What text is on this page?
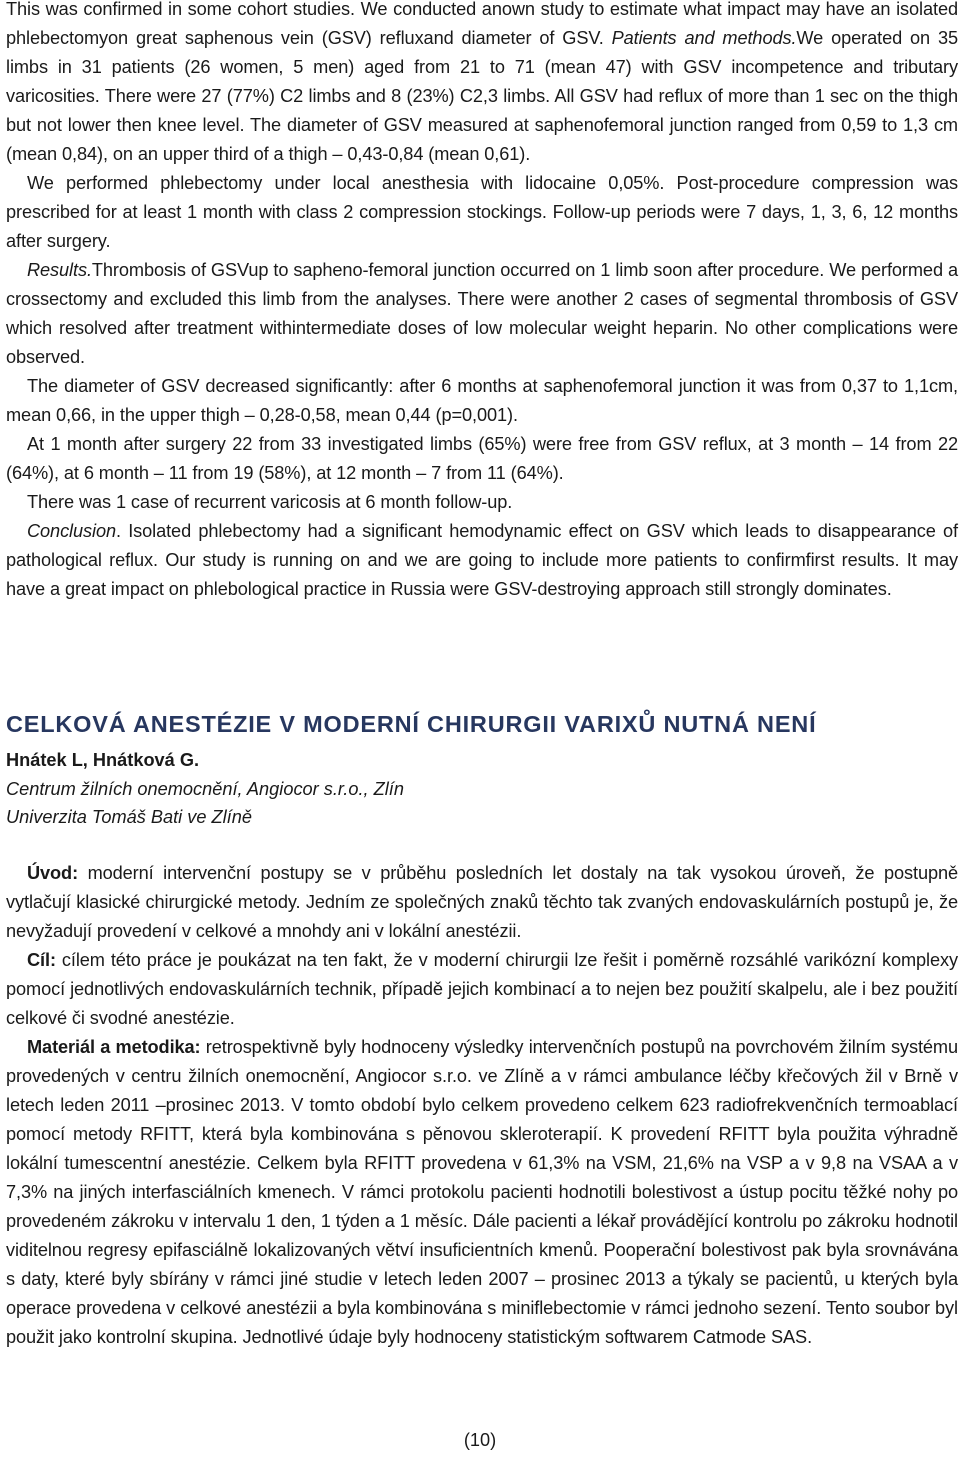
This was confirmed in some cohort studies. We conducted anown study to estimate what impact may have an isolated phlebectomyon great saphenous vein (GSV) refluxand diameter of GSV. Patients and methods.We operated on 35 limbs in 31 patients (26 women, 5 men) aged from 21 to 71 (mean 47) with GSV incompetence and tributary varicosities. There were 27 (77%) C2 limbs and 8 (23%) C2,3 limbs. All GSV had reflux of more than 1 sec on the thigh but not lower then knee level. The diameter of GSV measured at saphenofemoral junction ranged from 0,59 to 1,3 cm (mean 0,84), on an upper third of a thigh – 0,43-0,84 (mean 0,61).

We performed phlebectomy under local anesthesia with lidocaine 0,05%. Post-procedure compression was prescribed for at least 1 month with class 2 compression stockings. Follow-up periods were 7 days, 1, 3, 6, 12 months after surgery.

Results.Thrombosis of GSVup to sapheno-femoral junction occurred on 1 limb soon after procedure. We performed a crossectomy and excluded this limb from the analyses. There were another 2 cases of segmental thrombosis of GSV which resolved after treatment withintermediate doses of low molecular weight heparin. No other complications were observed.

The diameter of GSV decreased significantly: after 6 months at saphenofemoral junction it was from 0,37 to 1,1cm, mean 0,66, in the upper thigh – 0,28-0,58, mean 0,44 (p=0,001).

At 1 month after surgery 22 from 33 investigated limbs (65%) were free from GSV reflux, at 3 month – 14 from 22 (64%), at 6 month – 11 from 19 (58%), at 12 month – 7 from 11 (64%).

There was 1 case of recurrent varicosis at 6 month follow-up.

Conclusion. Isolated phlebectomy had a significant hemodynamic effect on GSV which leads to disappearance of pathological reflux. Our study is running on and we are going to include more patients to confirmfirst results. It may have a great impact on phlebological practice in Russia were GSV-destroying approach still strongly dominates.

CELKOVÁ ANESTÉZIE V MODERNÍ CHIRURGII VARIXŮ NUTNÁ NENÍ

Hnátek L, Hnátková G.

Centrum žilních onemocnění, Angiocor s.r.o., Zlín

Univerzita Tomáš Bati ve Zlíně

Úvod: moderní intervenční postupy se v průběhu posledních let dostaly na tak vysokou úroveň, že postupně vytlačují klasické chirurgické metody. Jedním ze společných znaků těchto tak zvaných endovaskulárních postupů je, že nevyžadují provedení v celkové a mnohdy ani v lokální anestézii.

Cíl: cílem této práce je poukázat na ten fakt, že v moderní chirurgii lze řešit i poměrně rozsáhlé varikózní komplexy pomocí jednotlivých endovaskulárních technik, případě jejich kombinací a to nejen bez použití skalpelu, ale i bez použití celkové či svodné anestézie.

Materiál a metodika: retrospektivně byly hodnoceny výsledky intervenčních postupů na povrchovém žilním systému provedených v centru žilních onemocnění, Angiocor s.r.o. ve Zlíně a v rámci ambulance léčby křečových žil v Brně v letech leden 2011 –prosinec 2013. V tomto období bylo celkem provedeno celkem 623 radiofrekvenčních termoablací pomocí metody RFITT, která byla kombinována s pěnovou skleroterapií. K provedení RFITT byla použita výhradně lokální tumescentní anestézie. Celkem byla RFITT provedena v 61,3% na VSM, 21,6% na VSP a v 9,8 na VSAA a v 7,3% na jiných interfasciálních kmenech. V rámci protokolu pacienti hodnotili bolestivost a ústup pocitu těžké nohy po provedeném zákroku v intervalu 1 den, 1 týden a 1 měsíc. Dále pacienti a lékař provádějící kontrolu po zákroku hodnotil viditelnou regresy epifasciálně lokalizovaných větví insuficientních kmenů. Pooperační bolestivost pak byla srovnávána s daty, které byly sbírány v rámci jiné studie v letech leden 2007 – prosinec 2013 a týkaly se pacientů, u kterých byla operace provedena v celkové anestézii a byla kombinována s miniflebectomie v rámci jednoho sezení. Tento soubor byl použit jako kontrolní skupina. Jednotlivé údaje byly hodnoceny statistickým softwarem Catmode SAS.

(10)
